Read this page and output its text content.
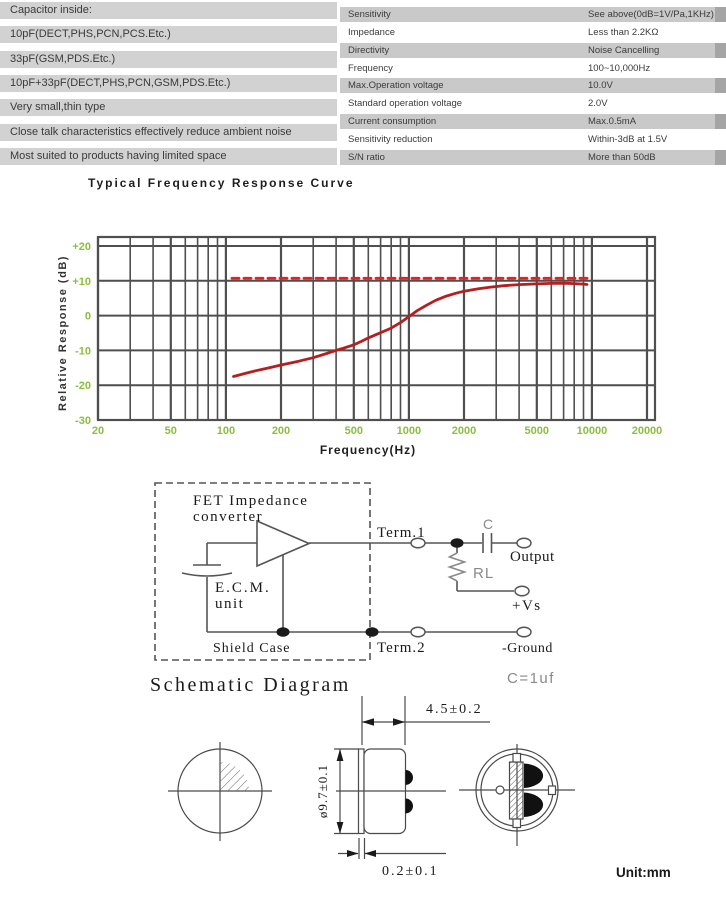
Capacitor inside:
10pF(DECT,PHS,PCN,PCS.Etc.)
33pF(GSM,PDS.Etc.)
10pF+33pF(DECT,PHS,PCN,GSM,PDS.Etc.)
Very small,thin type
Close talk characteristics effectively reduce ambient noise
Most suited to products having limited space
Sensitivity	See above(0dB=1V/Pa,1KHz)
Impedance	Less than 2.2KΩ
Directivity	Noise Cancelling
Frequency	100~10,000Hz
Max.Operation voltage	10.0V
Standard operation voltage	2.0V
Current consumption	Max.0.5mA
Sensitivity reduction	Within-3dB at 1.5V
S/N ratio	More than 50dB
Typical Frequency Response Curve
20	50	100	200	500	1000	2000	5000	10000 20000
+20
+10
0
-10
-20
-30
Relative Response (dB)
Frequency(Hz)
FET Impedance
converter
E.C.M.
unit
Shield Case
Term.1
Term.2
C
RL
Output
+Vs
-Ground
Schematic Diagram	C=1uf
4.5±0.2
ø9.7±0.1
0.2±0.1	Unit:mm
